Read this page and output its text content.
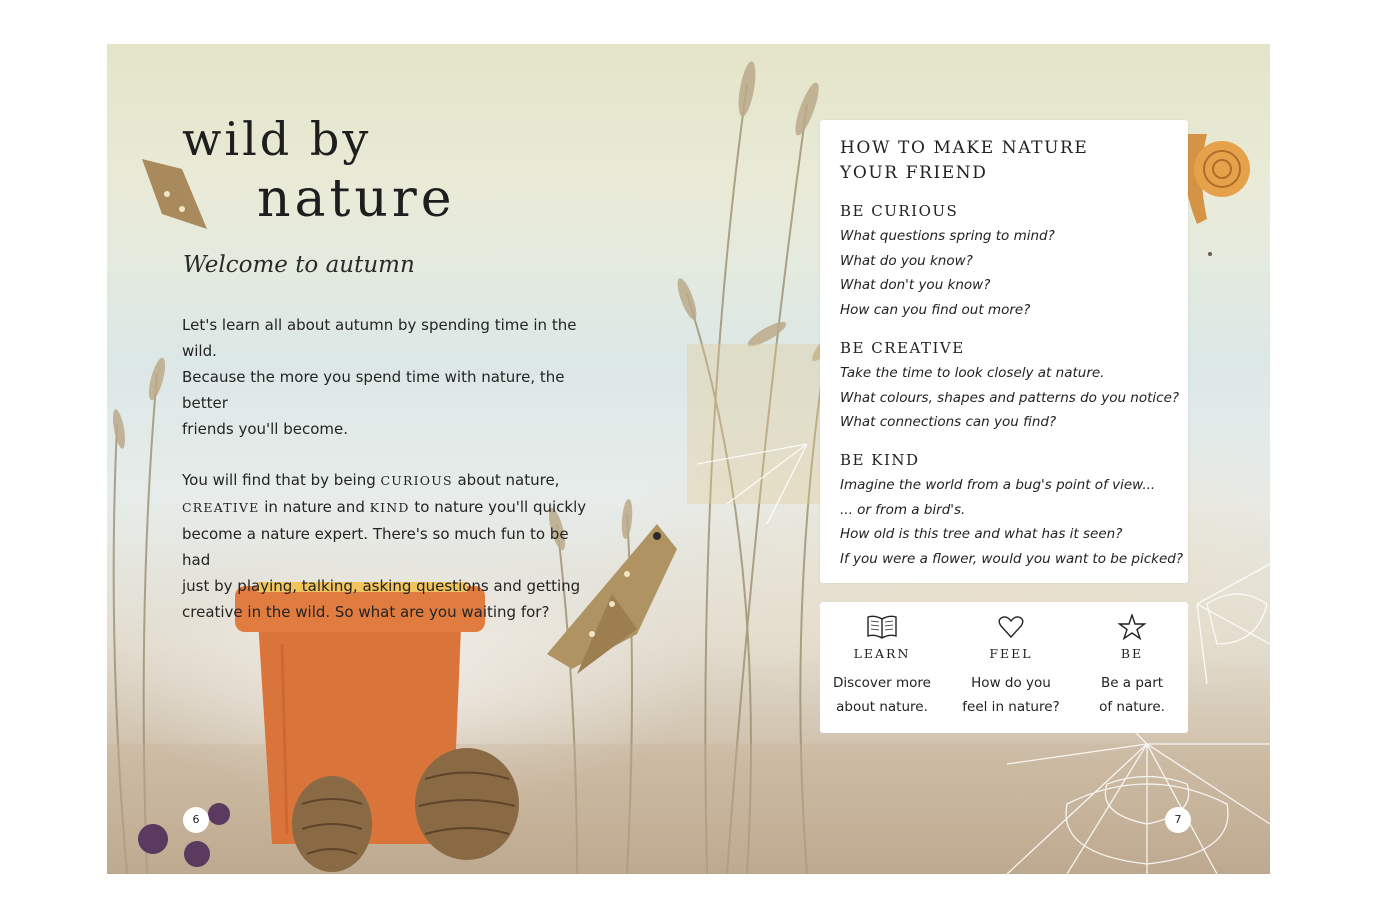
wild by
nature
Welcome to autumn

Let's learn all about autumn by spending time in the wild.
Because the more you spend time with nature, the better
friends you'll become.

You will find that by being CURIOUS about nature,
CREATIVE in nature and KIND to nature you'll quickly
become a nature expert. There's so much fun to be had
just by playing, talking, asking questions and getting
creative in the wild. So what are you waiting for?

HOW TO MAKE NATURE
YOUR FRIEND
BE CURIOUS
What questions spring to mind?
What do you know?
What don't you know?
How can you find out more?
BE CREATIVE
Take the time to look closely at nature.
What colours, shapes and patterns do you notice?
What connections can you find?
BE KIND
Imagine the world from a bug's point of view...
... or from a bird's.
How old is this tree and what has it seen?
If you were a flower, would you want to be picked?
LEARN
Discover more
about nature.
FEEL
How do you
feel in nature?
BE
Be a part
of nature.
6	7
